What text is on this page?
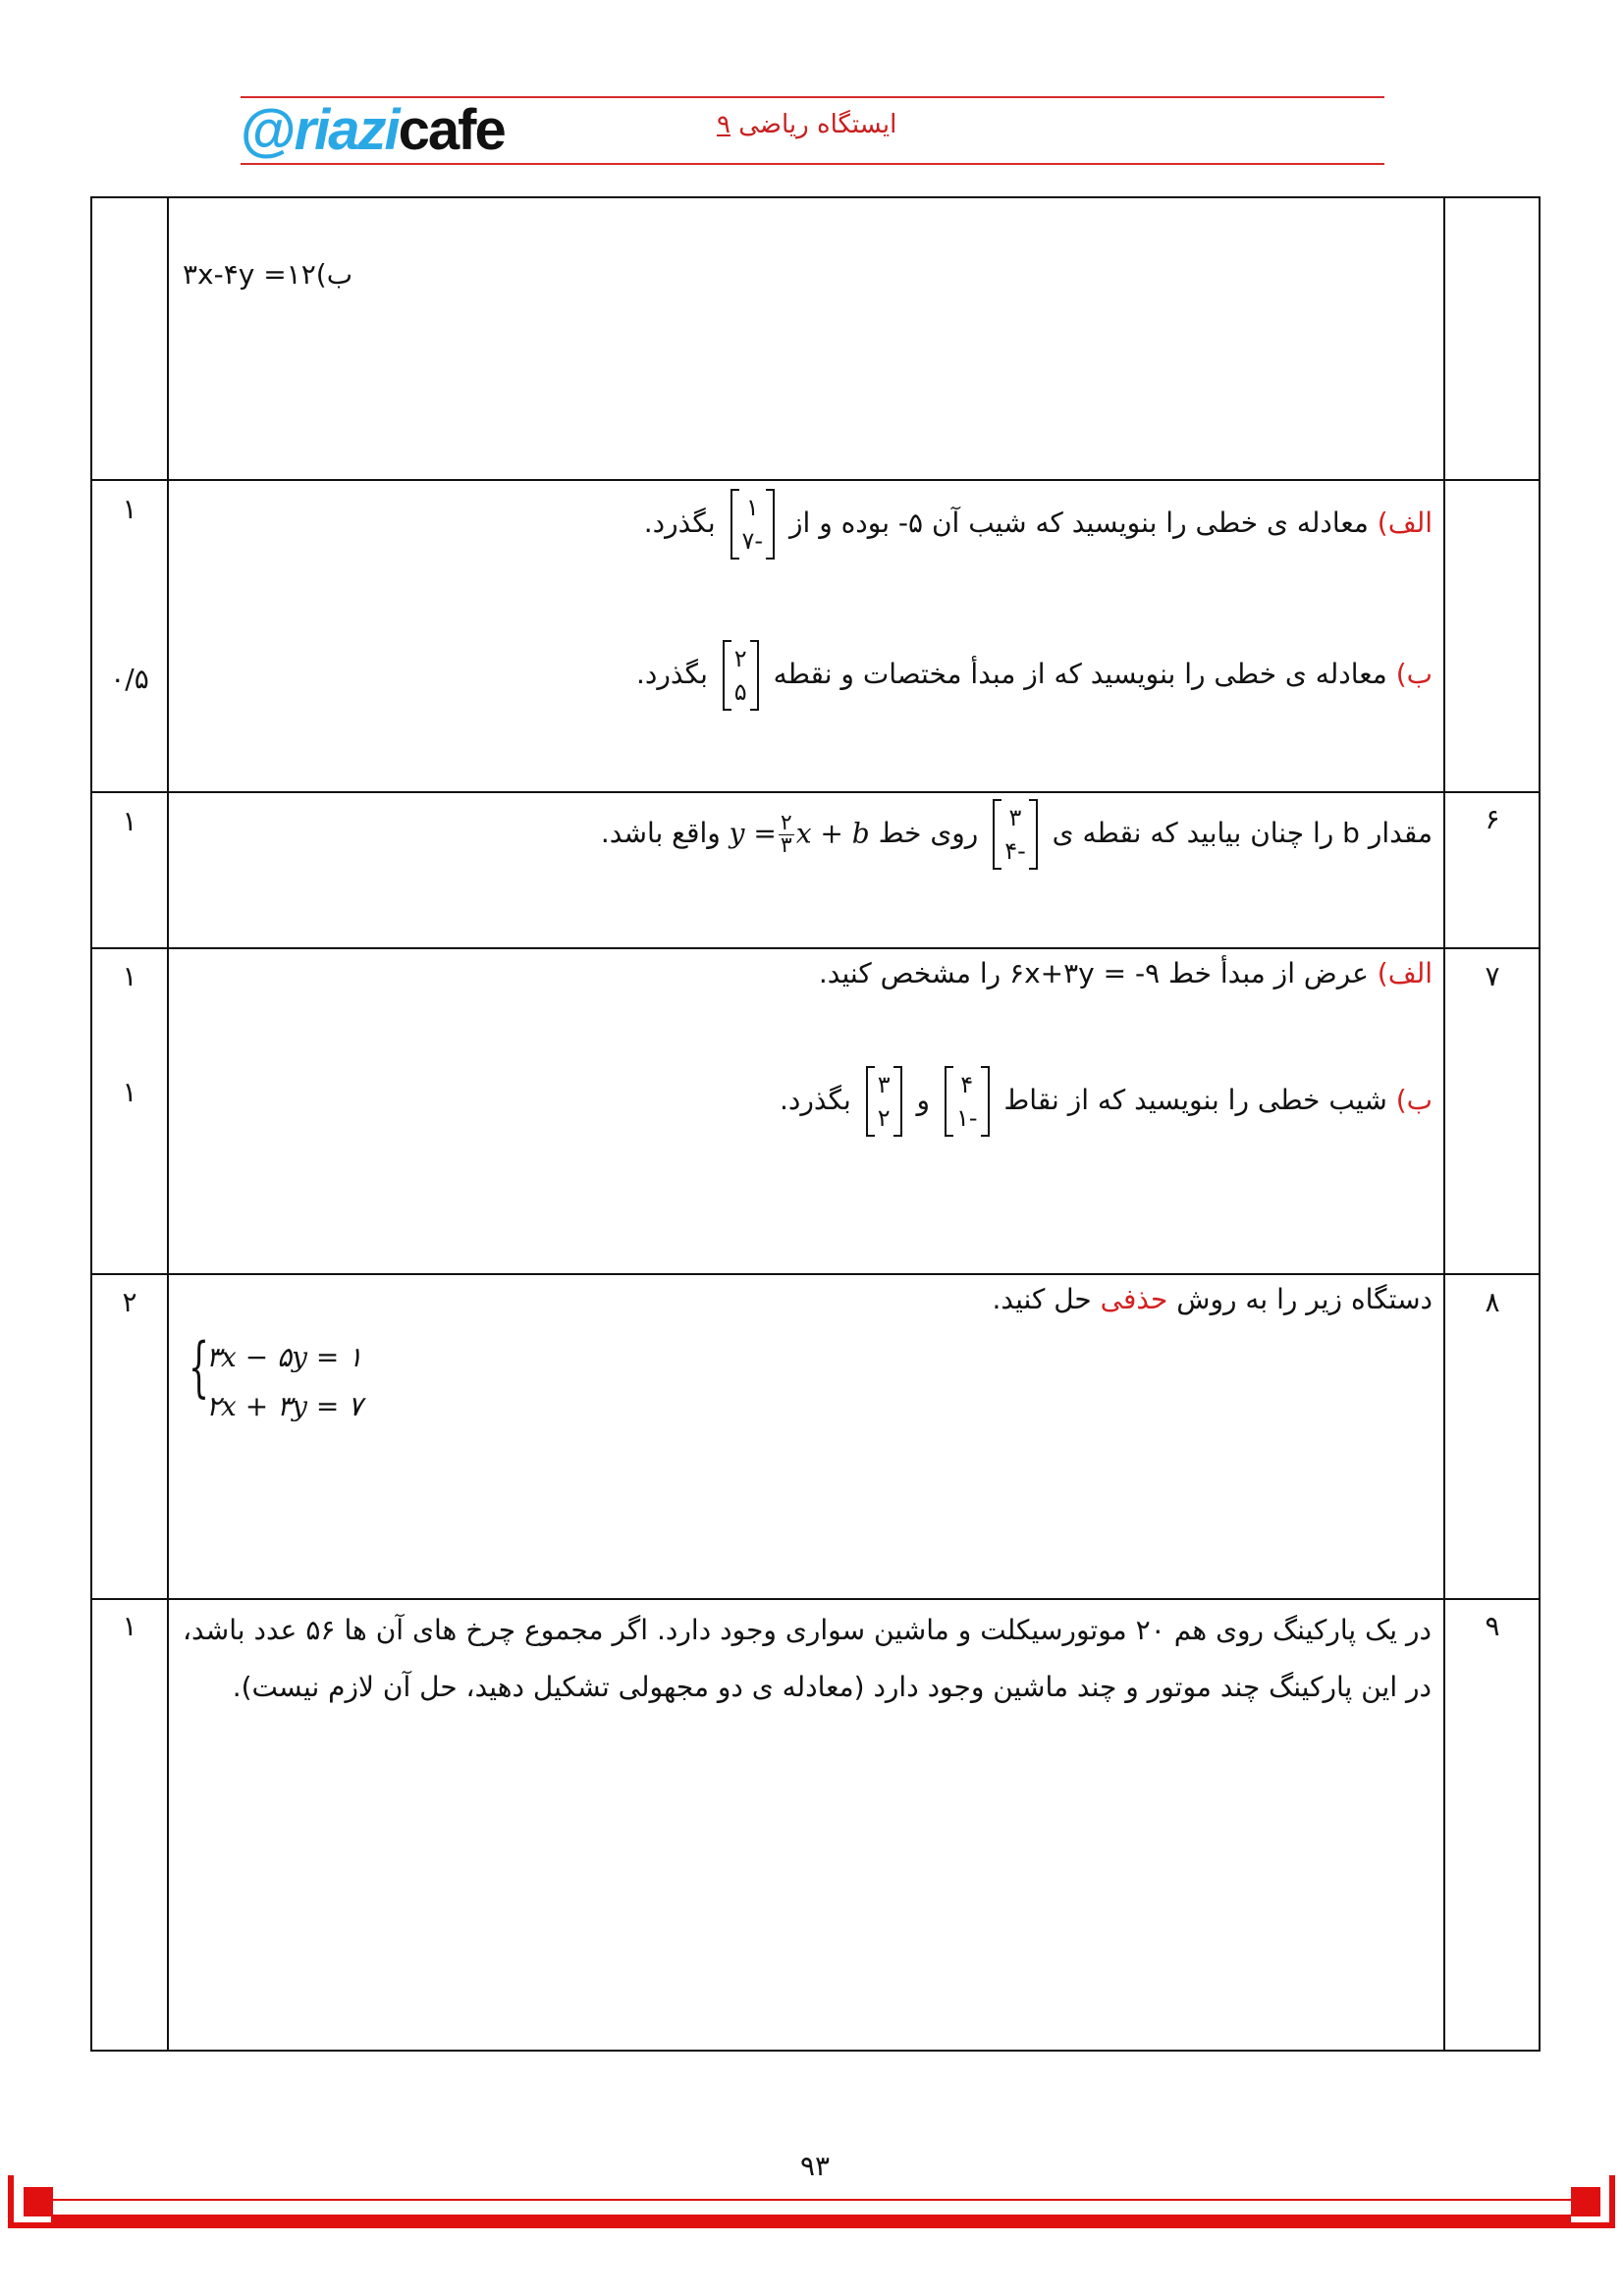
@riazicafe	ایستگاه ریاضی ۹
۳x-۴y =۱۲(ب
۱	الف) معادله ی خطی را بنویسید که شیب آن ۵- بوده و از
۱
۷-
بگذرد.
۰/۵	ب) معادله ی خطی را بنویسید که از مبدأ مختصات و نقطه
۲
۵
بگذرد.
۶
۱	مقدار b را چنان بیابید که نقطه ی
۳
۴-
روی خط $y = \frac{۲}{۳}$ x + b واقع باشد.
۷
۱	الف) عرض از مبدأ خط ۹- = ۶x+۳y را مشخص کنید.
۱	ب) شیب خطی را بنویسید که از نقاط
۴
۱-
و
۳
۲
بگذرد.
۸
۲	دستگاه زیر را به روش حذفی حل کنید.
{
۳x − ۵y = ۱
۲x + ۳y = ۷
۹
۱	در یک پارکینگ روی هم ۲۰ موتورسیکلت و ماشین سواری وجود دارد. اگر مجموع چرخ های آن ها ۵۶ عدد باشد، در این پارکینگ چند موتور و چند ماشین وجود دارد (معادله ی دو مجهولی تشکیل دهید، حل آن لازم نیست).
۹۳
